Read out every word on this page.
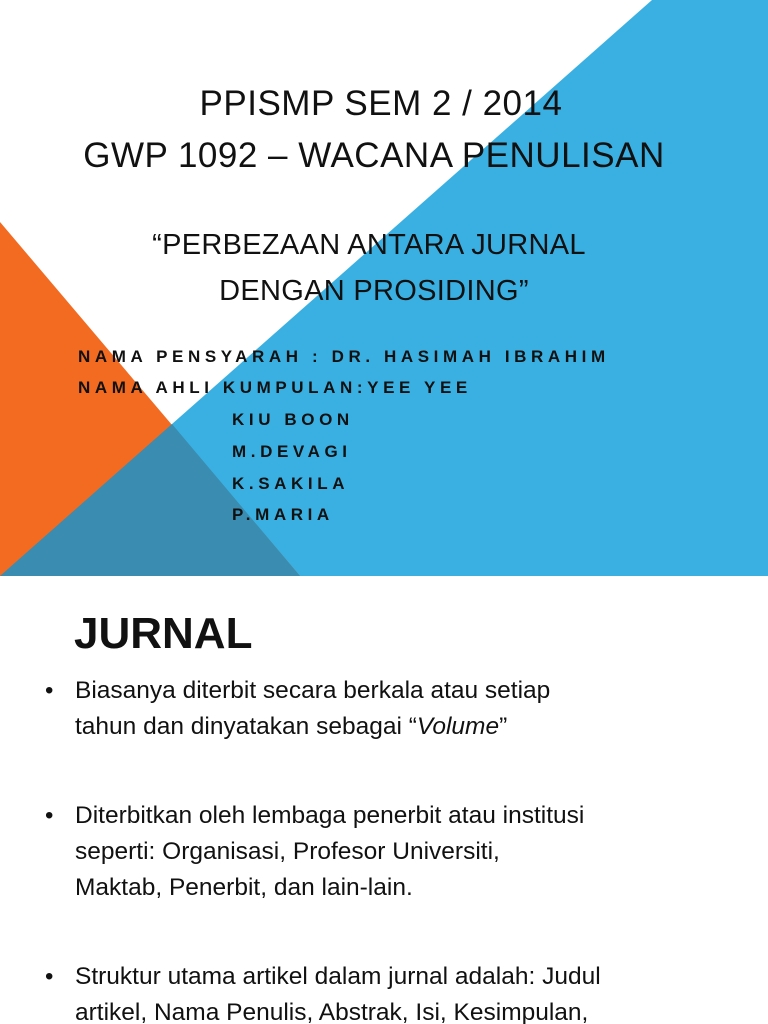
PPISMP SEM 2 / 2014
GWP 1092 – WACANA PENULISAN
“PERBEZAAN ANTARA JURNAL
DENGAN PROSIDING”
NAMA PENSYARAH : DR. HASIMAH IBRAHIM
NAMA AHLI KUMPULAN:YEE YEE
KIU BOON
M.DEVAGI
K.SAKILA
P.MARIA
JURNAL
• Biasanya diterbit secara berkala atau setiap
tahun dan dinyatakan sebagai “Volume”
• Diterbitkan oleh lembaga penerbit atau institusi
seperti: Organisasi, Profesor Universiti,
Maktab, Penerbit, dan lain-lain.
• Struktur utama artikel dalam jurnal adalah: Judul
artikel, Nama Penulis, Abstrak, Isi, Kesimpulan,
